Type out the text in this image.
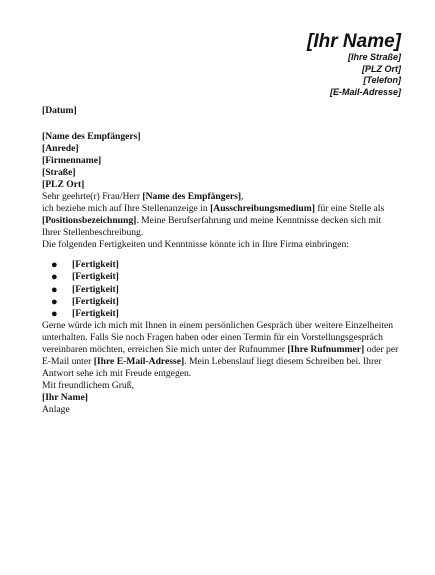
[Ihr Name]
[Ihre Straße]
[PLZ Ort]
[Telefon]
[E-Mail-Adresse]

[Datum]

[Name des Empfängers]

[Anrede]

[Firmenname]

[Straße]

[PLZ Ort]

Sehr geehrte(r) Frau/Herr [Name des Empfängers],

ich beziehe mich auf Ihre Stellenanzeige in [Ausschreibungsmedium] für eine Stelle als [Positionsbezeichnung]. Meine Berufserfahrung und meine Kenntnisse decken sich mit Ihrer Stellenbeschreibung.

Die folgenden Fertigkeiten und Kenntnisse könnte ich in Ihre Firma einbringen:

● [Fertigkeit]
● [Fertigkeit]
● [Fertigkeit]
● [Fertigkeit]
● [Fertigkeit]

Gerne würde ich mich mit Ihnen in einem persönlichen Gespräch über weitere Einzelheiten unterhalten. Falls Sie noch Fragen haben oder einen Termin für ein Vorstellungsgespräch vereinbaren möchten, erreichen Sie mich unter der Rufnummer [Ihre Rufnummer] oder per E-Mail unter [Ihre E-Mail-Adresse]. Mein Lebenslauf liegt diesem Schreiben bei. Ihrer Antwort sehe ich mit Freude entgegen.

Mit freundlichem Gruß,

[Ihr Name]

Anlage
